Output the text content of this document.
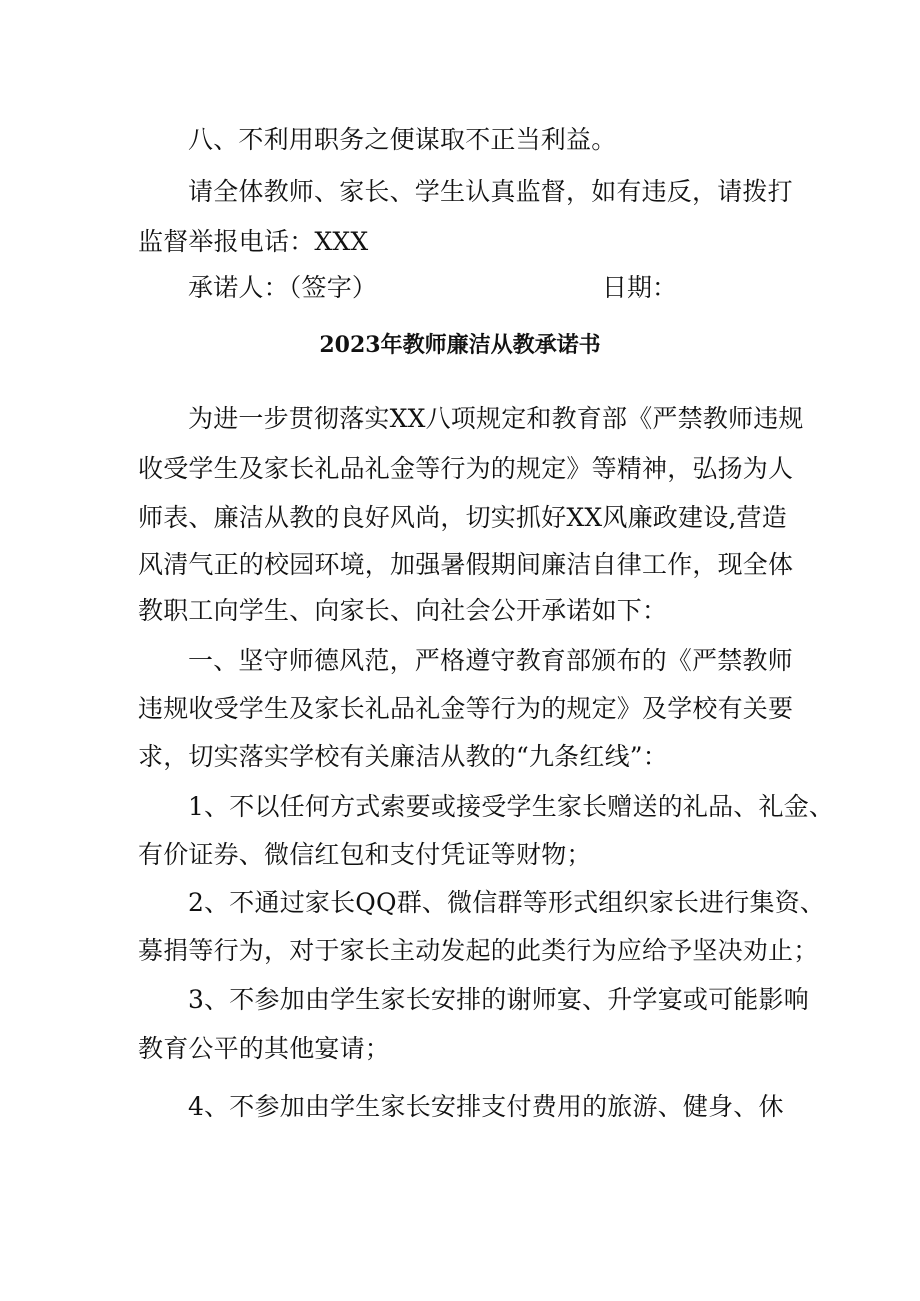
八、不利用职务之便谋取不正当利益。
请全体教师、家长、学生认真监督，如有违反，请拨打
监督举报电话：XXX
承诺人：（签字）	日期：
2023年教师廉洁从教承诺书
为进一步贯彻落实XX八项规定和教育部《严禁教师违规
收受学生及家长礼品礼金等行为的规定》等精神，弘扬为人
师表、廉洁从教的良好风尚，切实抓好XX风廉政建设,营造
风清气正的校园环境，加强暑假期间廉洁自律工作，现全体
教职工向学生、向家长、向社会公开承诺如下：
一、坚守师德风范，严格遵守教育部颁布的《严禁教师
违规收受学生及家长礼品礼金等行为的规定》及学校有关要
求，切实落实学校有关廉洁从教的“九条红线”：
1、不以任何方式索要或接受学生家长赠送的礼品、礼金、
有价证券、微信红包和支付凭证等财物；
2、不通过家长QQ群、微信群等形式组织家长进行集资、
募捐等行为，对于家长主动发起的此类行为应给予坚决劝止；
3、不参加由学生家长安排的谢师宴、升学宴或可能影响
教育公平的其他宴请；
4、不参加由学生家长安排支付费用的旅游、健身、休
